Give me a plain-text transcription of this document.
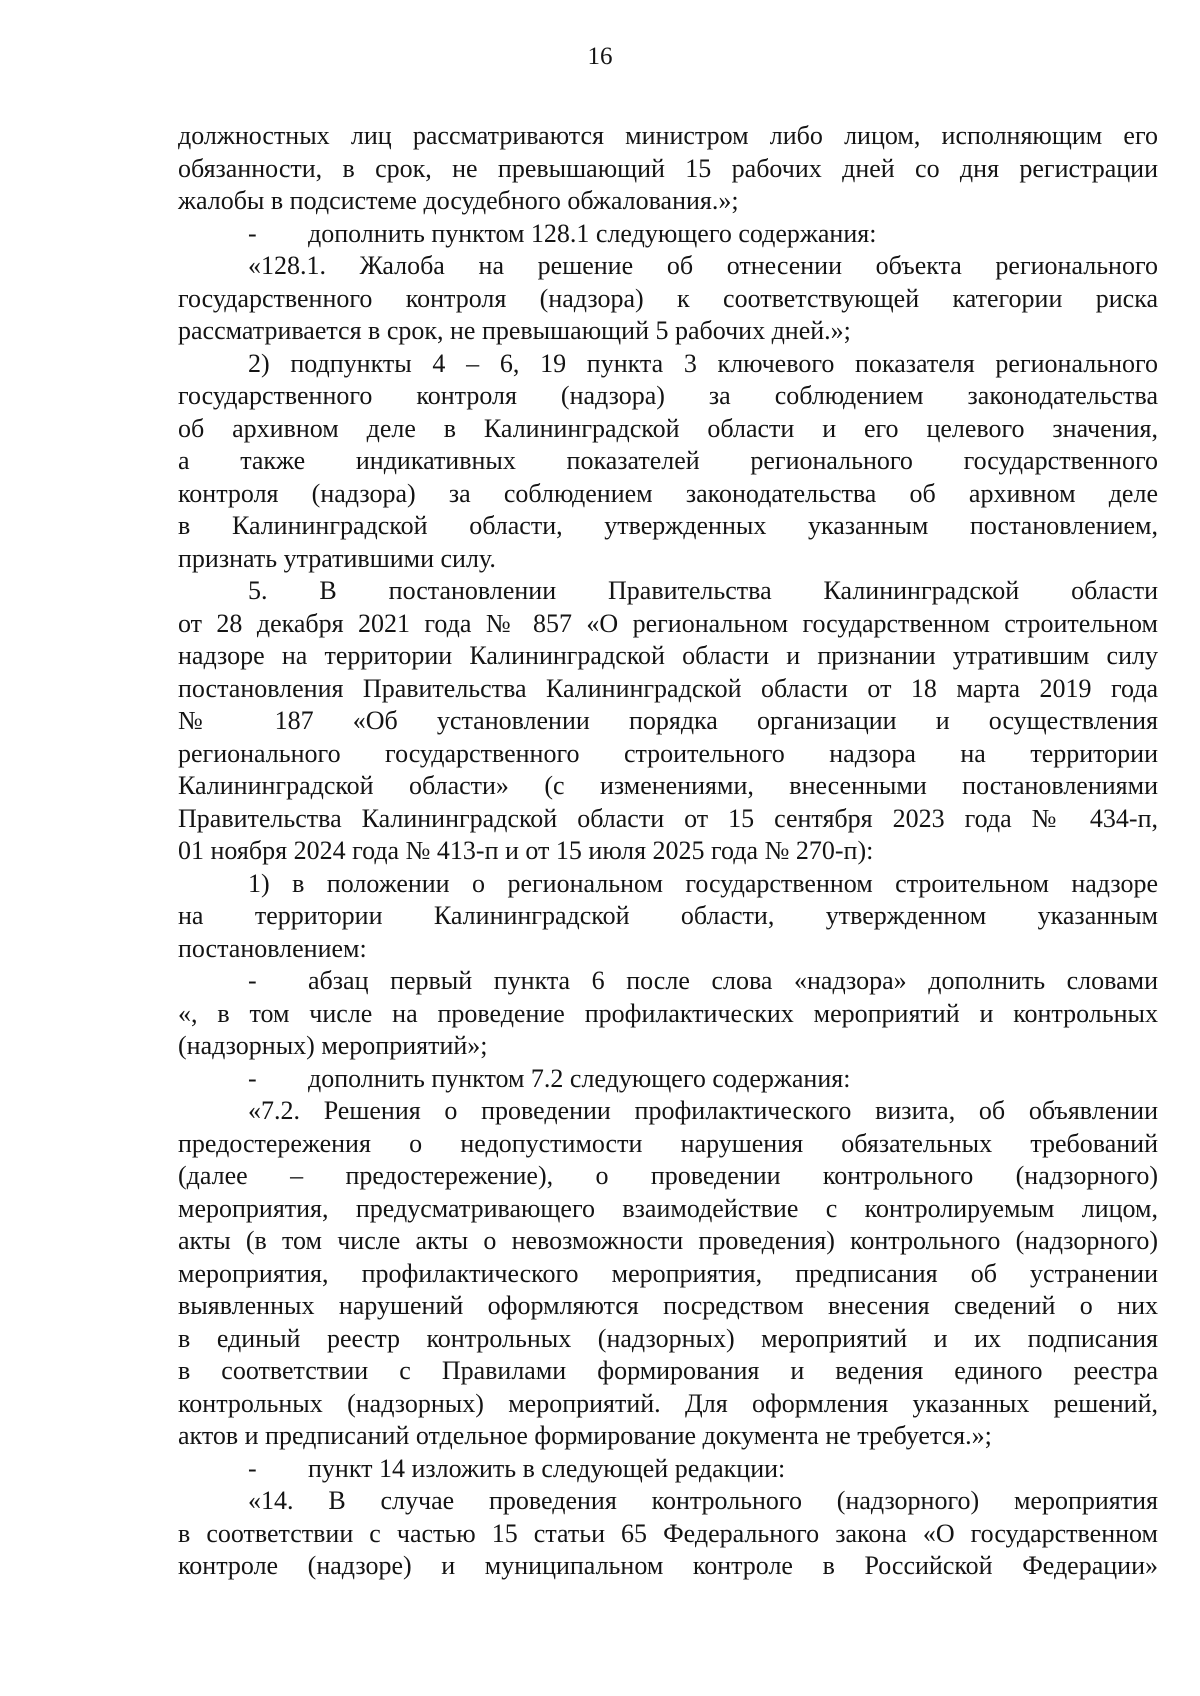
16
должностных лиц рассматриваются министром либо лицом, исполняющим его
обязанности, в срок, не превышающий 15 рабочих дней со дня регистрации
жалобы в подсистеме досудебного обжалования.»;
- дополнить пунктом 128.1 следующего содержания:
«128.1. Жалоба на решение об отнесении объекта регионального
государственного контроля (надзора) к соответствующей категории риска
рассматривается в срок, не превышающий 5 рабочих дней.»;
2) подпункты 4 – 6, 19 пункта 3 ключевого показателя регионального
государственного контроля (надзора) за соблюдением законодательства
об архивном деле в Калининградской области и его целевого значения,
а также индикативных показателей регионального государственного
контроля (надзора) за соблюдением законодательства об архивном деле
в Калининградской области, утвержденных указанным постановлением,
признать утратившими силу.
5. В постановлении Правительства Калининградской области
от 28 декабря 2021 года № 857 «О региональном государственном строительном
надзоре на территории Калининградской области и признании утратившим силу
постановления Правительства Калининградской области от 18 марта 2019 года
№ 187 «Об установлении порядка организации и осуществления
регионального государственного строительного надзора на территории
Калининградской области» (с изменениями, внесенными постановлениями
Правительства Калининградской области от 15 сентября 2023 года № 434-п,
01 ноября 2024 года № 413-п и от 15 июля 2025 года № 270-п):
1) в положении о региональном государственном строительном надзоре
на территории Калининградской области, утвержденном указанным
постановлением:
- абзац первый пункта 6 после слова «надзора» дополнить словами
«, в том числе на проведение профилактических мероприятий и контрольных
(надзорных) мероприятий»;
- дополнить пунктом 7.2 следующего содержания:
«7.2. Решения о проведении профилактического визита, об объявлении
предостережения о недопустимости нарушения обязательных требований
(далее – предостережение), о проведении контрольного (надзорного)
мероприятия, предусматривающего взаимодействие с контролируемым лицом,
акты (в том числе акты о невозможности проведения) контрольного (надзорного)
мероприятия, профилактического мероприятия, предписания об устранении
выявленных нарушений оформляются посредством внесения сведений о них
в единый реестр контрольных (надзорных) мероприятий и их подписания
в соответствии с Правилами формирования и ведения единого реестра
контрольных (надзорных) мероприятий. Для оформления указанных решений,
актов и предписаний отдельное формирование документа не требуется.»;
- пункт 14 изложить в следующей редакции:
«14. В случае проведения контрольного (надзорного) мероприятия
в соответствии с частью 15 статьи 65 Федерального закона «О государственном
контроле (надзоре) и муниципальном контроле в Российской Федерации»
